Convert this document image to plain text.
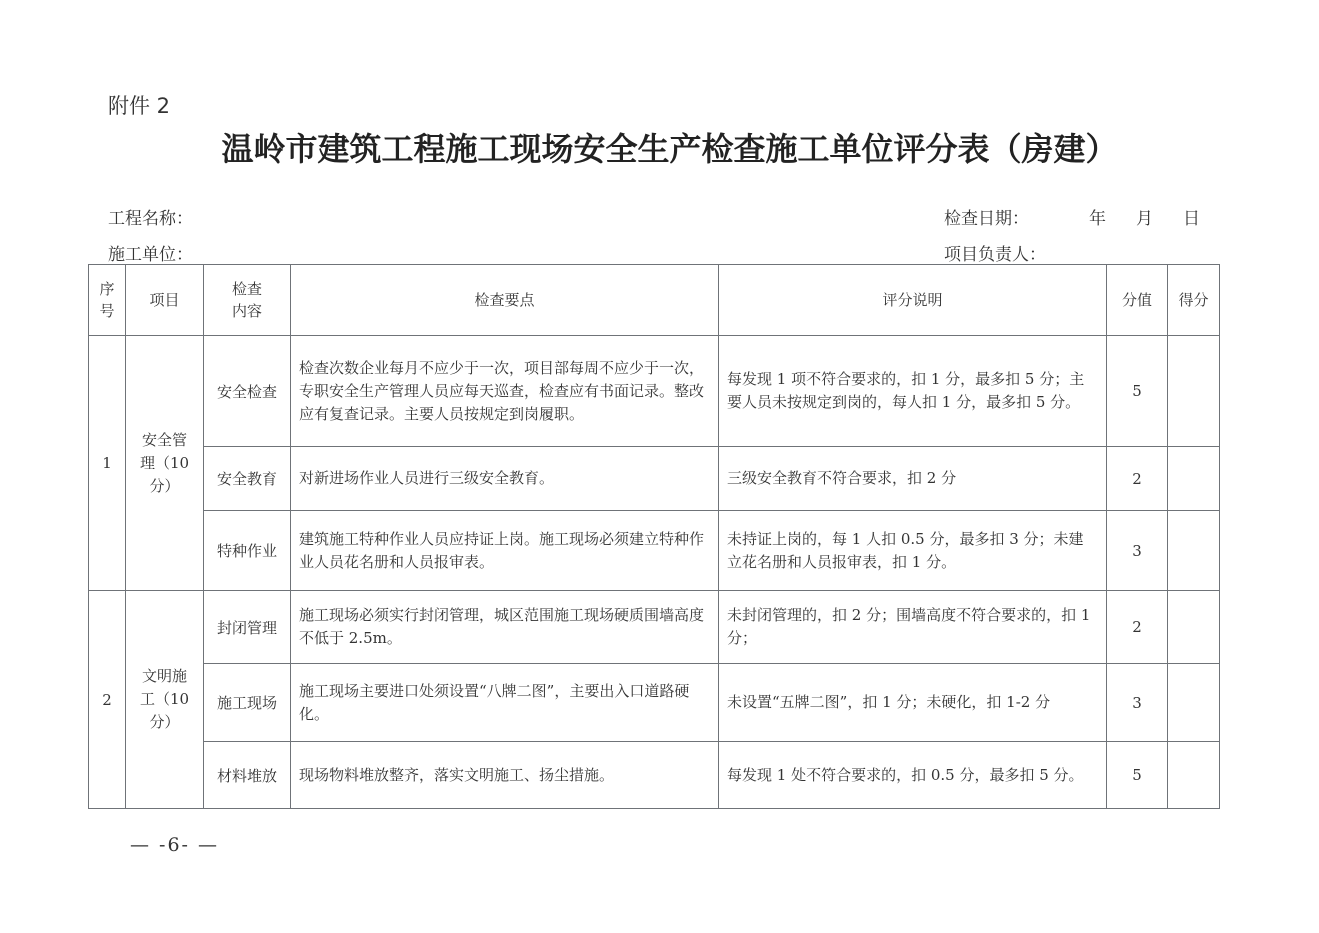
附件 2
温岭市建筑工程施工现场安全生产检查施工单位评分表（房建）
工程名称：
施工单位：
检查日期：	年 月 日
项目负责人：
序号	项目	检查内容	检查要点	评分说明	分值	得分
1	安全管理（10分）	安全检查	检查次数企业每月不应少于一次，项目部每周不应少于一次，专职安全生产管理人员应每天巡查，检查应有书面记录。整改应有复查记录。主要人员按规定到岗履职。	每发现 1 项不符合要求的，扣 1 分，最多扣 5 分；主要人员未按规定到岗的，每人扣 1 分，最多扣 5 分。	5	
		安全教育	对新进场作业人员进行三级安全教育。	三级安全教育不符合要求，扣 2 分	2	
		特种作业	建筑施工特种作业人员应持证上岗。施工现场必须建立特种作业人员花名册和人员报审表。	未持证上岗的，每 1 人扣 0.5 分，最多扣 3 分；未建立花名册和人员报审表，扣 1 分。	3	
2	文明施工（10分）	封闭管理	施工现场必须实行封闭管理，城区范围施工现场硬质围墙高度不低于 2.5m。	未封闭管理的，扣 2 分；围墙高度不符合要求的，扣 1 分；	2	
		施工现场	施工现场主要进口处须设置“八牌二图”，主要出入口道路硬化。	未设置“五牌二图”，扣 1 分；未硬化，扣 1-2 分	3	
		材料堆放	现场物料堆放整齐，落实文明施工、扬尘措施。	每发现 1 处不符合要求的，扣 0.5 分，最多扣 5 分。	5	
— -6- —
